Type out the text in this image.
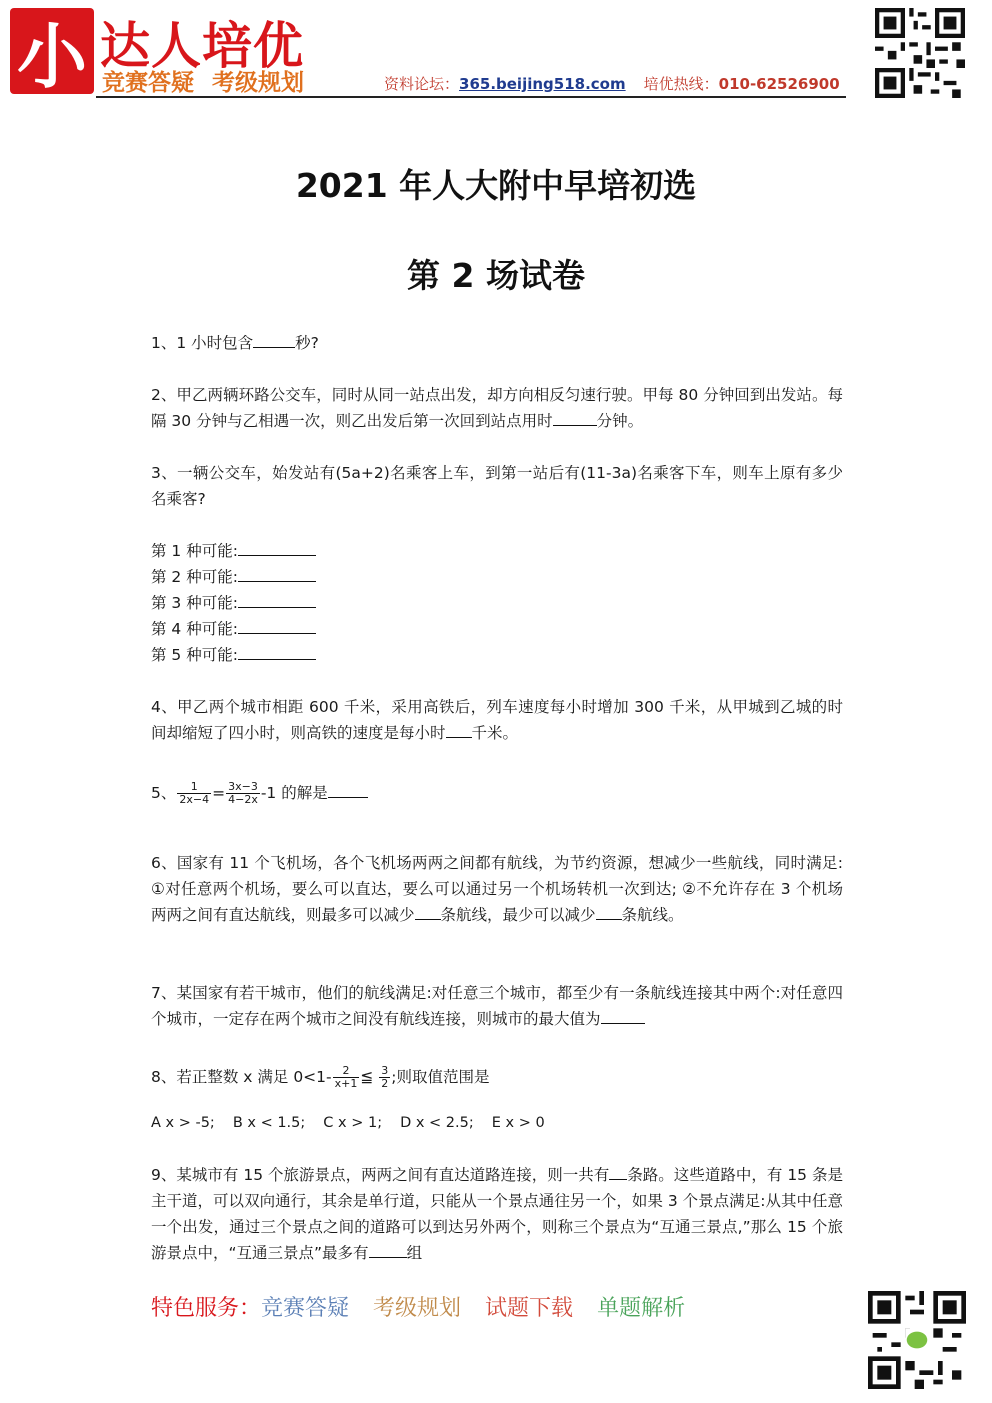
小 达人培优
竞赛答疑 考级规划	资料论坛：365.beijing518.com 培优热线：010-62526900
2021 年人大附中早培初选
第 2 场试卷
1、1 小时包含	秒?
2、甲乙两辆环路公交车，同时从同一站点出发，却方向相反匀速行驶。甲每 80 分钟回到出发站。每隔 30 分钟与乙相遇一次，则乙出发后第一次回到站点用时	分钟。
3、一辆公交车，始发站有(5a+2)名乘客上车，到第一站后有(11-3a)名乘客下车，则车上原有多少名乘客?
第 1 种可能:
第 2 种可能:
第 3 种可能:
第 4 种可能:
第 5 种可能:
4、甲乙两个城市相距 600 千米，采用高铁后，列车速度每小时增加 300 千米，从甲城到乙城的时间却缩短了四小时，则高铁的速度是每小时 千米。
5、 $\frac{1}{2x-4} = \frac{3x-3}{4-2x} -1$ 的解是
6、国家有 11 个飞机场，各个飞机场两两之间都有航线，为节约资源，想减少一些航线，同时满足: ①对任意两个机场，要么可以直达，要么可以通过另一个机场转机一次到达; ②不允许存在 3 个机场两两之间有直达航线，则最多可以减少 条航线，最少可以减少 条航线。
7、某国家有若干城市，他们的航线满足:对任意三个城市，都至少有一条航线连接其中两个:对任意四个城市，一定存在两个城市之间没有航线连接，则城市的最大值为
8、若正整数 x 满足 $0<1- \frac{2}{x+1}$ ≦ $\frac{3}{2}$ ;则取值范围是
A x > -5; B x < 1.5; C x > 1; D x < 2.5; E x > 0
9、某城市有 15 个旅游景点，两两之间有直达道路连接，则一共有 条路。这些道路中，有 15 条是主干道，可以双向通行，其余是单行道，只能从一个景点通往另一个，如果 3 个景点满足:从其中任意一个出发，通过三个景点之间的道路可以到达另外两个，则称三个景点为“互通三景点,”那么 15 个旅游景点中，“互通三景点”最多有 组
特色服务：竞赛答疑 考级规划 试题下载 单题解析
